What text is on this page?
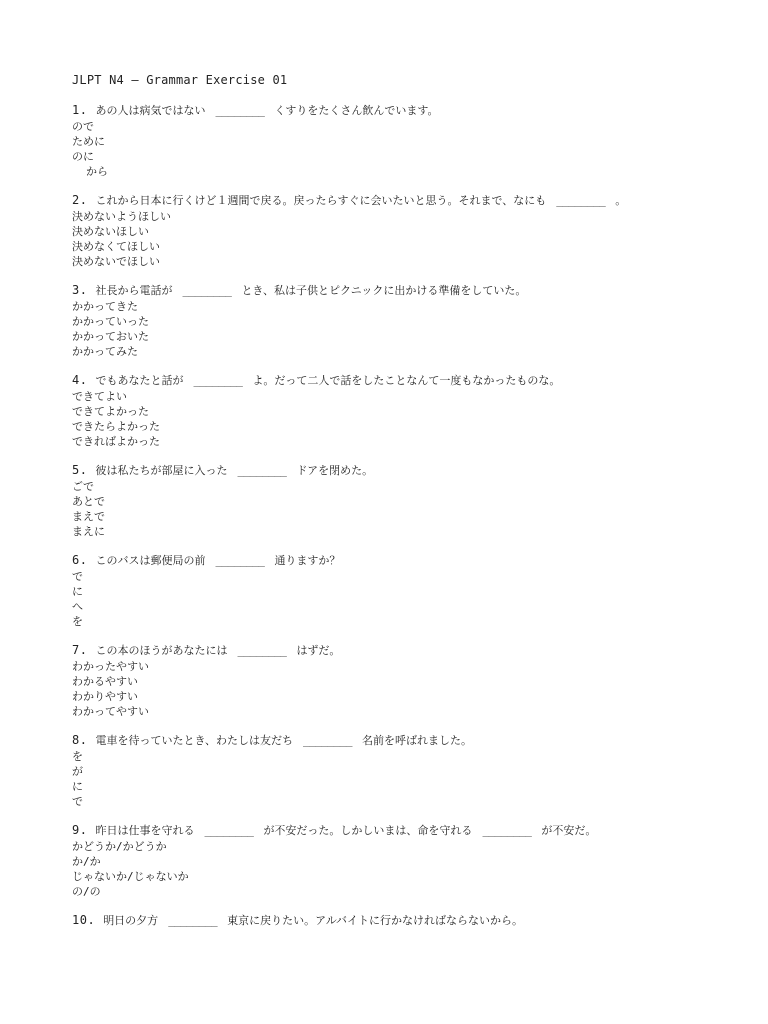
JLPT N4 – Grammar Exercise 01
1. あの人は病気ではない ________ くすりをたくさん飲んでいます。
ので
ために
のに
から
2. これから日本に行くけど１週間で戻る。戻ったらすぐに会いたいと思う。それまで、なにも ________ 。
決めないようほしい
決めないほしい
決めなくてほしい
決めないでほしい
3. 社長から電話が ________ とき、私は子供とピクニックに出かける準備をしていた。
かかってきた
かかっていった
かかっておいた
かかってみた
4. でもあなたと話が ________ よ。だって二人で話をしたことなんて一度もなかったものな。
できてよい
できてよかった
できたらよかった
できればよかった
5. 彼は私たちが部屋に入った ________ ドアを閉めた。
ごで
あとで
まえで
まえに
6. このバスは郵便局の前 ________ 通りますか？
で
に
へ
を
7. この本のほうがあなたには ________ はずだ。
わかったやすい
わかるやすい
わかりやすい
わかってやすい
8. 電車を待っていたとき、わたしは友だち ________ 名前を呼ばれました。
を
が
に
で
9. 昨日は仕事を守れる ________ が不安だった。しかしいまは、命を守れる ________ が不安だ。
かどうか/かどうか
か/か
じゃないか/じゃないか
の/の
10. 明日の夕方 ________ 東京に戻りたい。アルバイトに行かなければならないから。
